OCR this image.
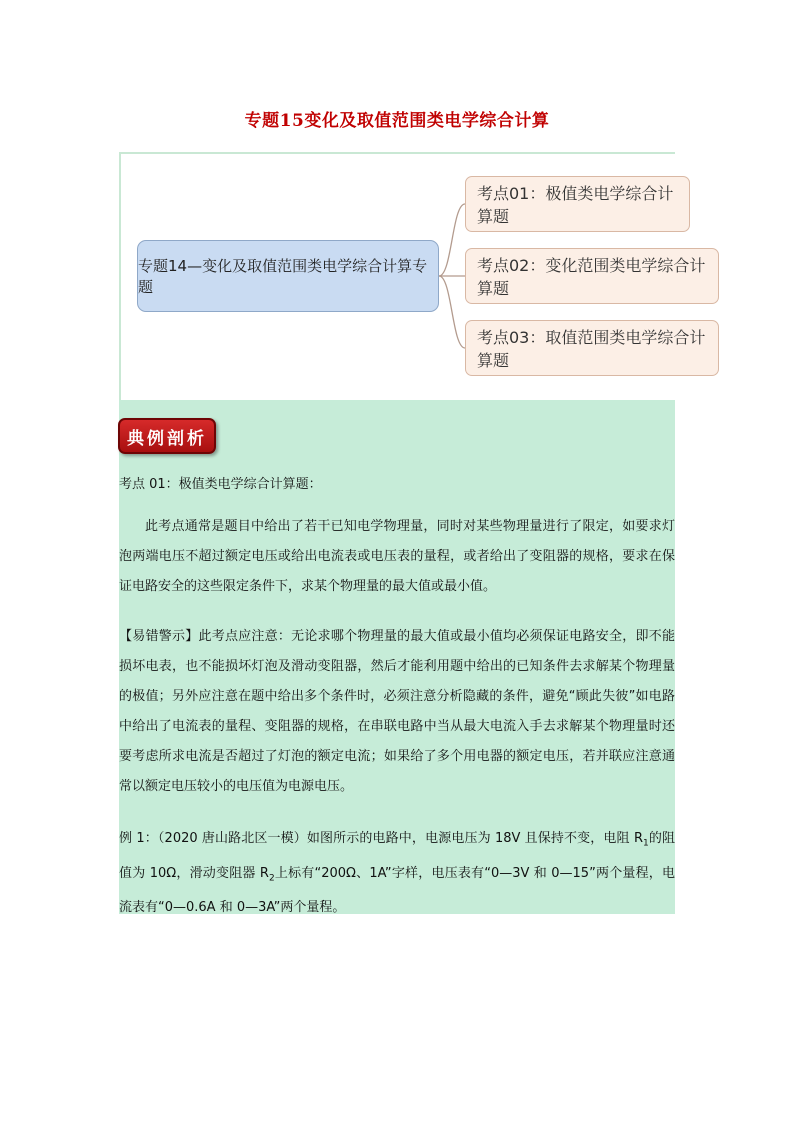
专题15变化及取值范围类电学综合计算
专题14—变化及取值范围类电学综合计算专题
考点01：极值类电学综合计算题
考点02：变化范围类电学综合计算题
考点03：取值范围类电学综合计算题
典例剖析
考点 01：极值类电学综合计算题：
此考点通常是题目中给出了若干已知电学物理量，同时对某些物理量进行了限定，如要求灯泡两端电压不超过额定电压或给出电流表或电压表的量程，或者给出了变阻器的规格，要求在保证电路安全的这些限定条件下，求某个物理量的最大值或最小值。
【易错警示】此考点应注意：无论求哪个物理量的最大值或最小值均必须保证电路安全，即不能损坏电表，也不能损坏灯泡及滑动变阻器，然后才能利用题中给出的已知条件去求解某个物理量的极值；另外应注意在题中给出多个条件时，必须注意分析隐藏的条件，避免“顾此失彼”如电路中给出了电流表的量程、变阻器的规格，在串联电路中当从最大电流入手去求解某个物理量时还要考虑所求电流是否超过了灯泡的额定电流；如果给了多个用电器的额定电压，若并联应注意通常以额定电压较小的电压值为电源电压。
例 1：（2020 唐山路北区一模）如图所示的电路中，电源电压为 18V 且保持不变，电阻 $R_1$的阻值为 10Ω，滑动变阻器 $R_2$上标有“200Ω、1A”字样，电压表有“0—3V 和 0—15”两个量程，电流表有“0—0.6A 和 0—3A”两个量程。
